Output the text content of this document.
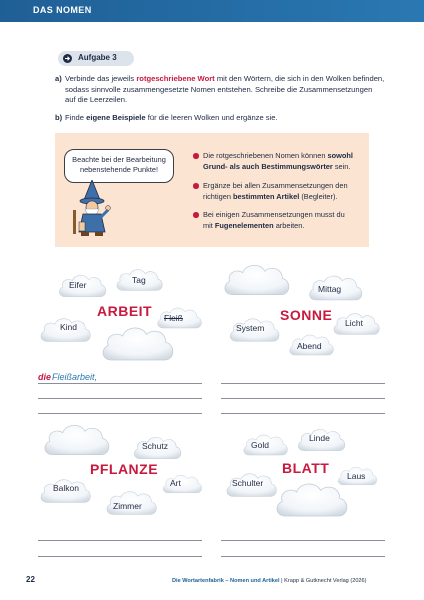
DAS NOMEN
Aufgabe 3
a) Verbinde das jeweils rotgeschriebene Wort mit den Wörtern, die sich in den Wolken befinden,
sodass sinnvolle zusammengesetzte Nomen entstehen. Schreibe die Zusammensetzungen
auf die Leerzeilen.
b) Finde eigene Beispiele für die leeren Wolken und ergänze sie.
Beachte bei der Bearbeitung
nebenstehende Punkte!
Die rotgeschriebenen Nomen können sowohl
Grund- als auch Bestimmungswörter sein.
Ergänze bei allen Zusammensetzungen den
richtigen bestimmten Artikel (Begleiter).
Bei einigen Zusammensetzungen musst du
mit Fugenelementen arbeiten.
Eifer	Tag
Fleiß
Kind
ARBEIT
Mittag
System	Licht
Abend
SONNE
die Fleißarbeit,
Schutz
Balkon	Art
Zimmer
PFLANZE
Gold
Linde
Schulter
Laus
BLATT
22	Die Wortartenfabrik – Nomen und Artikel | Krapp & Gutknecht Verlag (2026)
